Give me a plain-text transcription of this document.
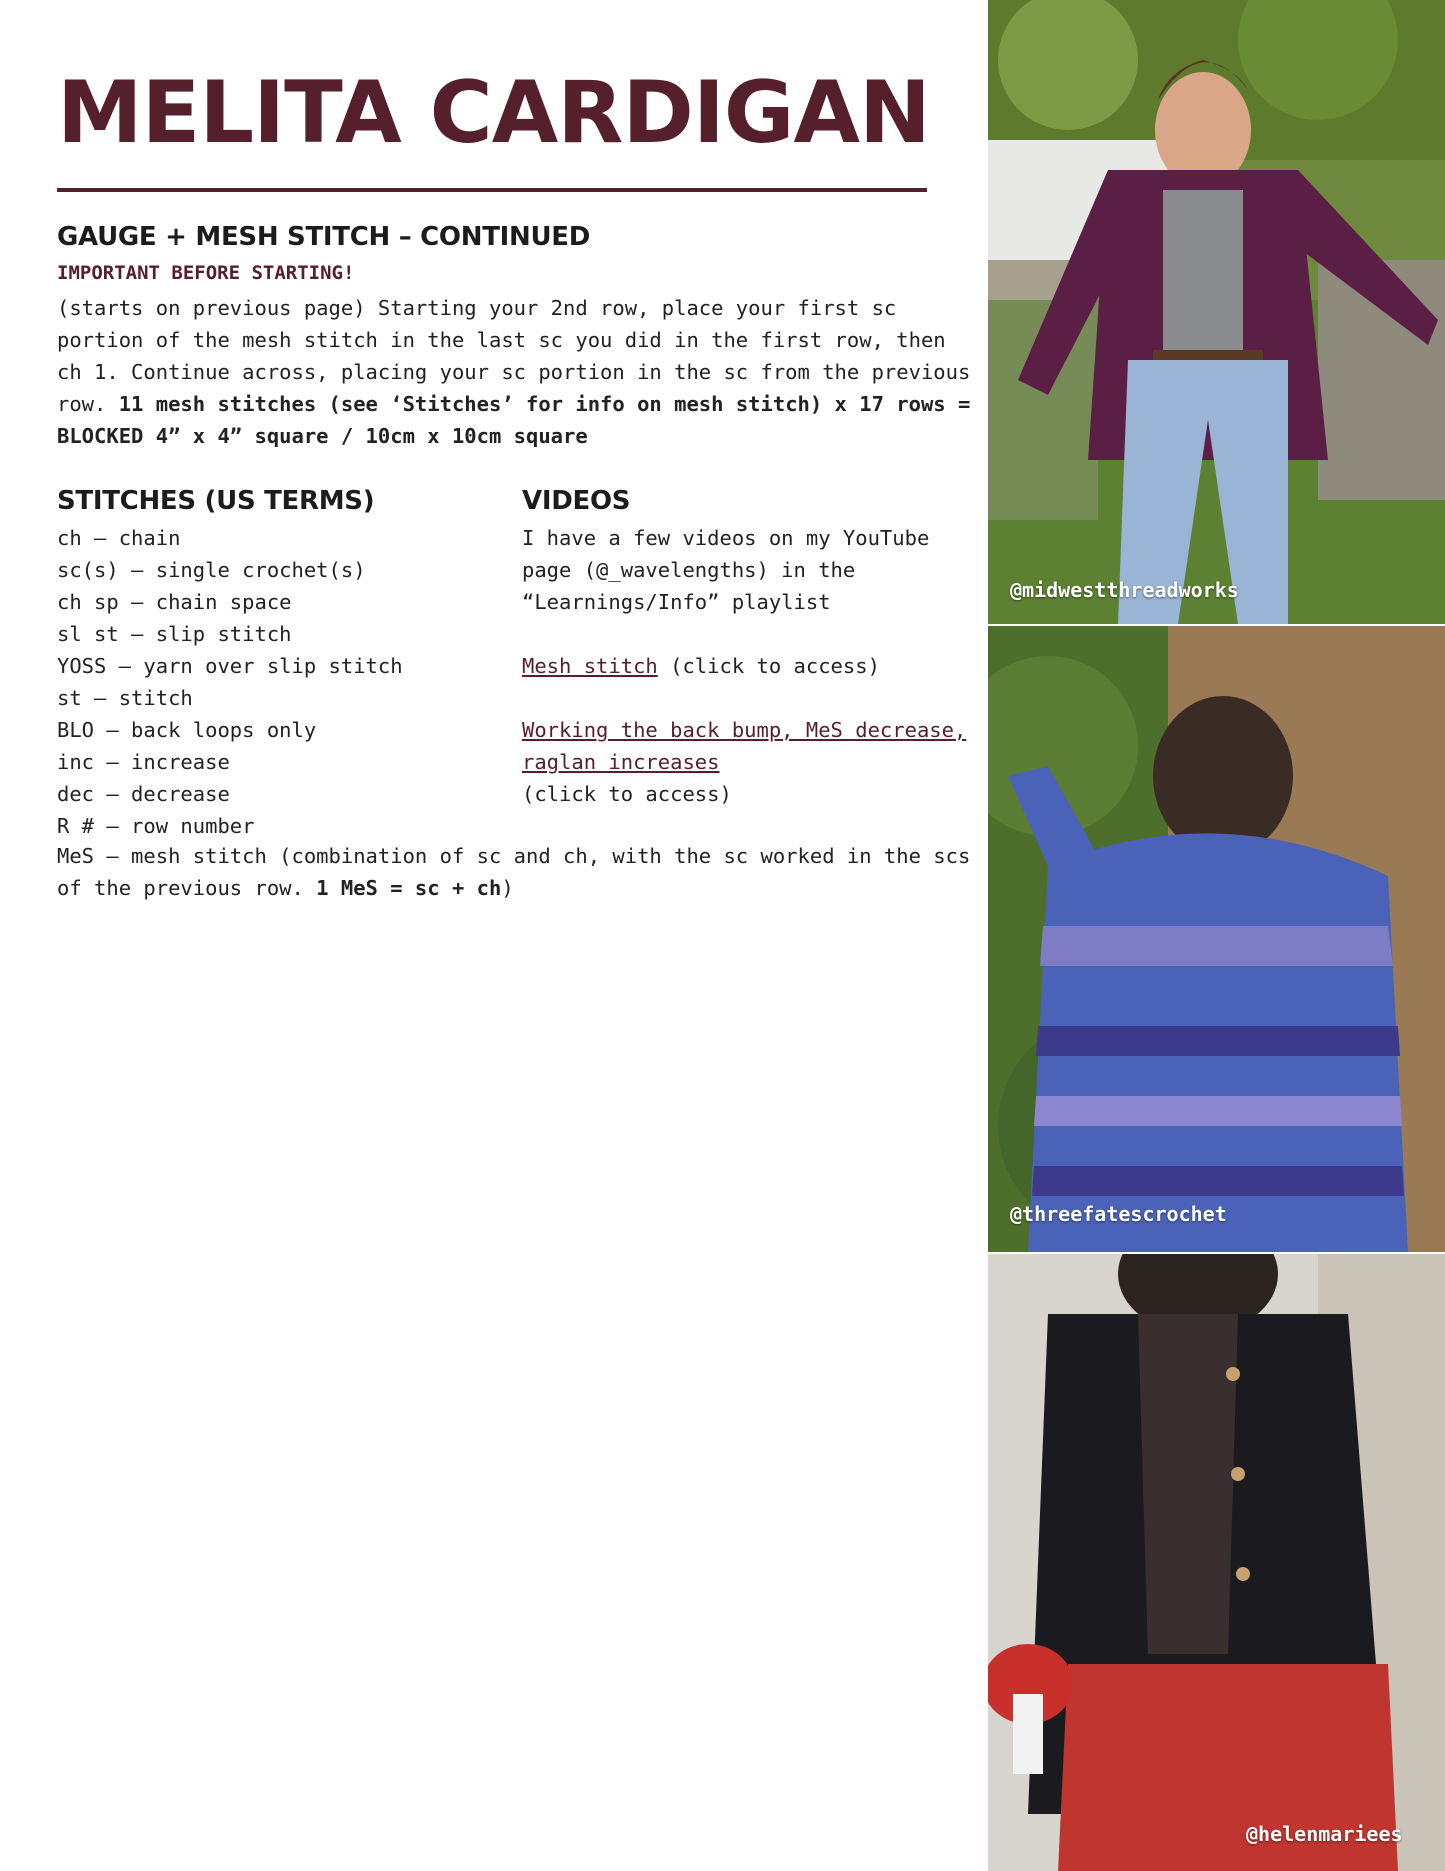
MELITA CARDIGAN
GAUGE + MESH STITCH – CONTINUED
IMPORTANT BEFORE STARTING!

(starts on previous page) Starting your 2nd row, place your first sc portion of the mesh stitch in the last sc you did in the first row, then ch 1. Continue across, placing your sc portion in the sc from the previous row. 11 mesh stitches (see ‘Stitches’ for info on mesh stitch) x 17 rows = BLOCKED 4” x 4” square / 10cm x 10cm square

STITCHES (US TERMS)
ch – chain
sc(s) – single crochet(s)
ch sp – chain space
sl st – slip stitch
YOSS – yarn over slip stitch
st – stitch
BLO – back loops only
inc – increase
dec – decrease
R # – row number

MeS – mesh stitch (combination of sc and ch, with the sc worked in the scs of the previous row. 1 MeS = sc + ch)

VIDEOS
I have a few videos on my YouTube page (@_wavelengths) in the “Learnings/Info” playlist
Mesh stitch (click to access)
Working the back bump, MeS decrease, raglan increases
(click to access)
@midwestthreadworks
@threefatescrochet
@helenmariees
